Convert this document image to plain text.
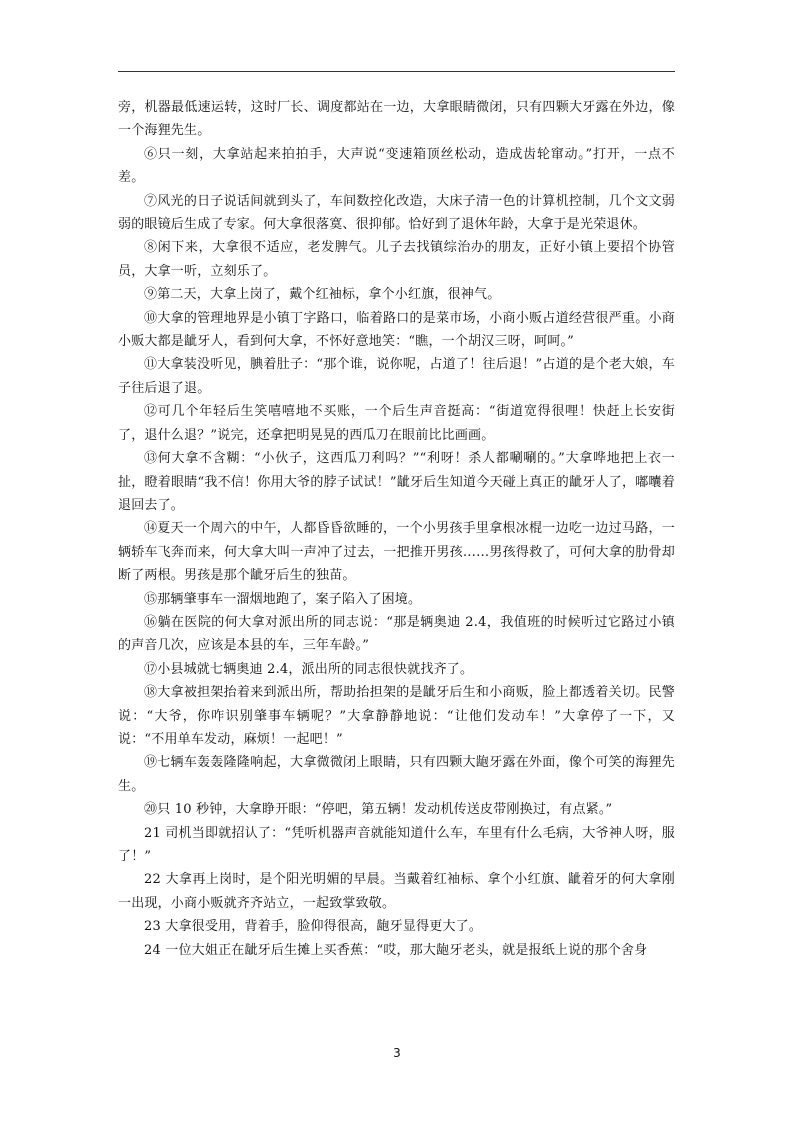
旁，机器最低速运转，这时厂长、调度都站在一边，大拿眼睛微闭，只有四颗大牙露在外边，像一个海狸先生。

⑥只一刻，大拿站起来拍拍手，大声说“变速箱顶丝松动，造成齿轮窜动。”打开，一点不差。

⑦风光的日子说话间就到头了，车间数控化改造，大床子清一色的计算机控制，几个文文弱弱的眼镜后生成了专家。何大拿很落寞、很抑郁。恰好到了退休年龄，大拿于是光荣退休。

⑧闲下来，大拿很不适应，老发脾气。儿子去找镇综治办的朋友，正好小镇上要招个协管员，大拿一听，立刻乐了。

⑨第二天，大拿上岗了，戴个红袖标，拿个小红旗，很神气。

⑩大拿的管理地界是小镇丁字路口，临着路口的是菜市场，小商小贩占道经营很严重。小商小贩大都是龇牙人，看到何大拿，不怀好意地笑：“瞧，一个胡汉三呀，呵呵。”

⑪大拿装没听见，腆着肚子：“那个谁，说你呢，占道了！往后退！”占道的是个老大娘，车子往后退了退。

⑫可几个年轻后生笑嘻嘻地不买账，一个后生声音挺高：“街道宽得很哩！快赶上长安街了，退什么退？”说完，还拿把明晃晃的西瓜刀在眼前比比画画。

⑬何大拿不含糊：“小伙子，这西瓜刀利吗？”“利呀！杀人都唰唰的。”大拿哗地把上衣一扯，瞪着眼睛“我不信！你用大爷的脖子试试！”龇牙后生知道今天碰上真正的龇牙人了，嘟囔着退回去了。

⑭夏天一个周六的中午，人都昏昏欲睡的，一个小男孩手里拿根冰棍一边吃一边过马路，一辆轿车飞奔而来，何大拿大叫一声冲了过去，一把推开男孩……男孩得救了，可何大拿的肋骨却断了两根。男孩是那个龇牙后生的独苗。

⑮那辆肇事车一溜烟地跑了，案子陷入了困境。

⑯躺在医院的何大拿对派出所的同志说：“那是辆奥迪 2.4，我值班的时候听过它路过小镇的声音几次，应该是本县的车，三年车龄。”

⑰小县城就七辆奥迪 2.4，派出所的同志很快就找齐了。

⑱大拿被担架抬着来到派出所，帮助抬担架的是龇牙后生和小商贩，脸上都透着关切。民警说：“大爷，你咋识别肇事车辆呢？”大拿静静地说：“让他们发动车！”大拿停了一下，又说：“不用单车发动，麻烦！一起吧！”

⑲七辆车轰轰隆隆响起，大拿微微闭上眼睛，只有四颗大龅牙露在外面，像个可笑的海狸先生。

⑳只 10 秒钟，大拿睁开眼：“停吧，第五辆！发动机传送皮带刚换过，有点紧。”

21 司机当即就招认了：“凭听机器声音就能知道什么车，车里有什么毛病，大爷神人呀，服了！”

22 大拿再上岗时，是个阳光明媚的早晨。当戴着红袖标、拿个小红旗、龇着牙的何大拿刚一出现，小商小贩就齐齐站立，一起致掌致敬。

23 大拿很受用，背着手，脸仰得很高，龅牙显得更大了。

24 一位大姐正在龇牙后生摊上买香蕉：“哎，那大龅牙老头，就是报纸上说的那个舍身

3
